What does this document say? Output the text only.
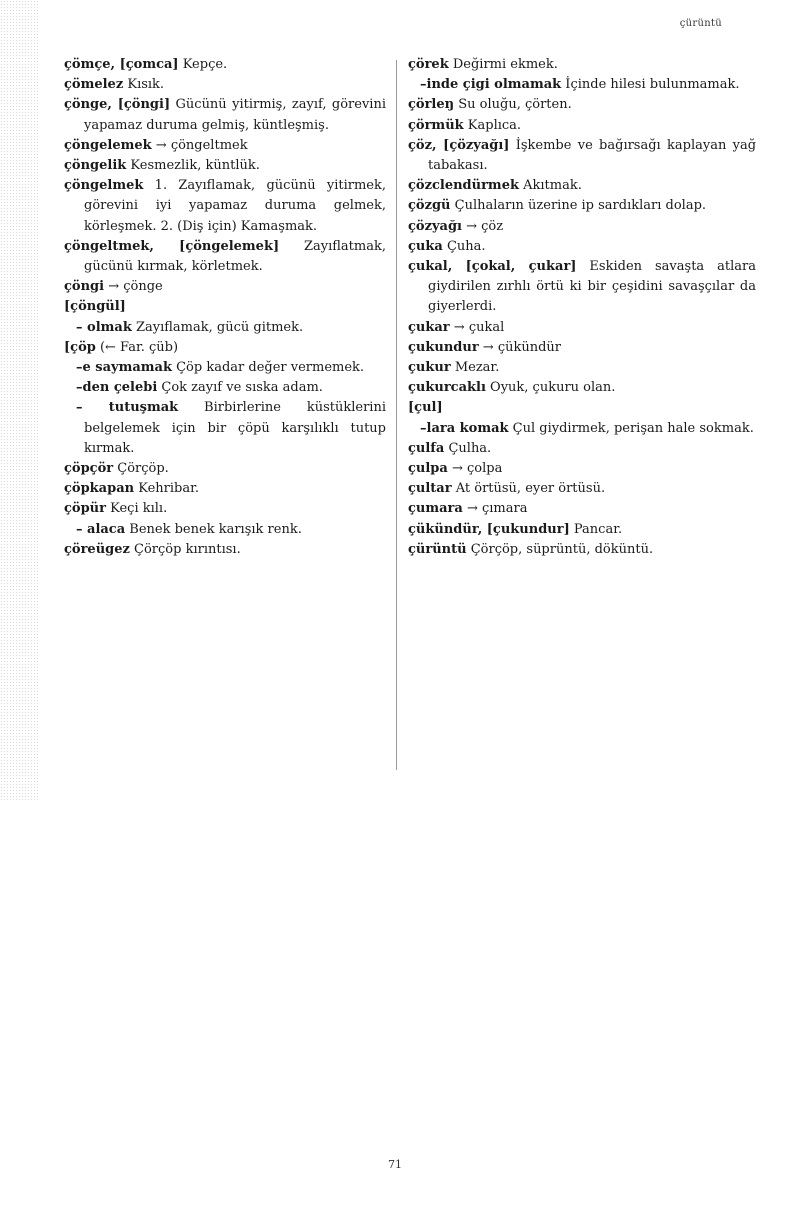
çürüntü

çömçe, [çomca] Kepçe.

çömelez Kısık.

çönge, [çöngi] Gücünü yitirmiş, zayıf, görevini yapamaz duruma gelmiş, küntleşmiş.

çöngelemek → çöngeltmek

çöngelik Kesmezlik, küntlük.

çöngelmek 1. Zayıflamak, gücünü yitirmek, görevini iyi yapamaz duruma gelmek, körleşmek. 2. (Diş için) Kamaşmak.

çöngeltmek, [çöngelemek] Zayıflatmak, gücünü kırmak, körletmek.

çöngi → çönge

[çöngül]

– olmak Zayıflamak, gücü gitmek.

[çöp (← Far. çüb)

–e saymamak Çöp kadar değer vermemek.

–den çelebi Çok zayıf ve sıska adam.

– tutuşmak Birbirlerine küstüklerini belgelemek için bir çöpü karşılıklı tutup kırmak.

çöpçör Çörçöp.

çöpkapan Kehribar.

çöpür Keçi kılı.

– alaca Benek benek karışık renk.

çöreügez Çörçöp kırıntısı.

çörek Değirmi ekmek.

–inde çigi olmamak İçinde hilesi bulunmamak.

çörleŋ Su oluğu, çörten.

çörmük Kaplıca.

çöz, [çözyağı] İşkembe ve bağırsağı kaplayan yağ tabakası.

çözclendürmek Akıtmak.

çözgü Çulhaların üzerine ip sardıkları dolap.

çözyağı → çöz

çuka Çuha.

çukal, [çokal, çukar] Eskiden savaşta atlara giydirilen zırhlı örtü ki bir çeşidini savaşçılar da giyerlerdi.

çukar → çukal

çukundur → çükündür

çukur Mezar.

çukurcaklı Oyuk, çukuru olan.

[çul]

–lara komak Çul giydirmek, perişan hale sokmak.

çulfa Çulha.

çulpa → çolpa

çultar At örtüsü, eyer örtüsü.

çumara → çımara

çükündür, [çukundur] Pancar.

çürüntü Çörçöp, süprüntü, döküntü.

71
